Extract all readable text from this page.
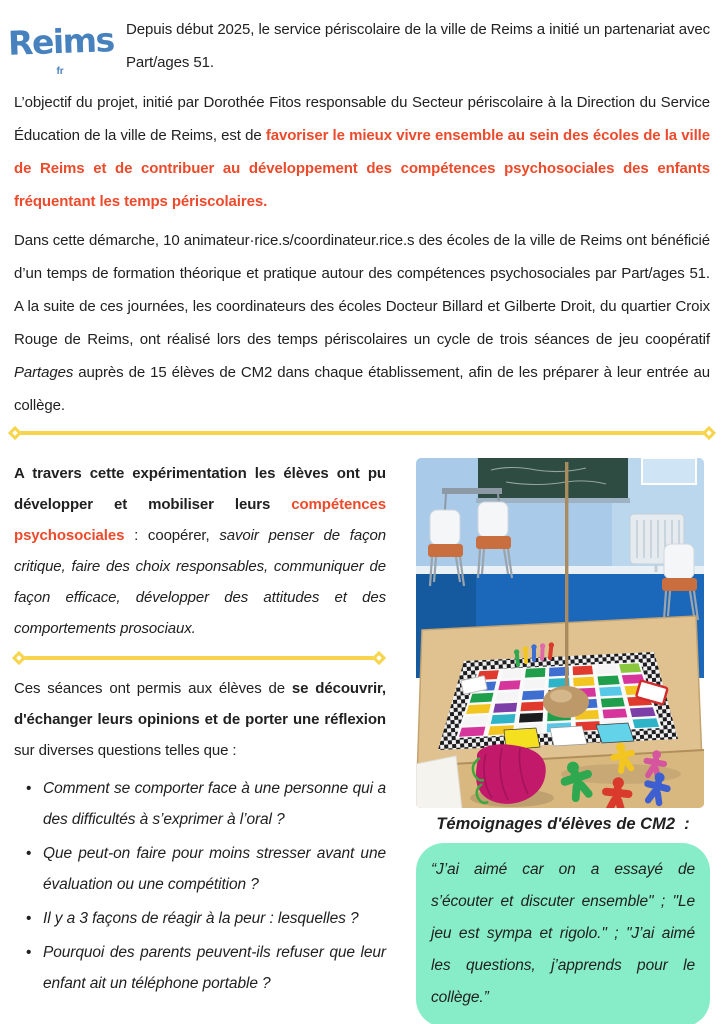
Reimsfr

Depuis début 2025, le service périscolaire de la ville de Reims a initié un partenariat avec Part/ages 51.

L’objectif du projet, initié par Dorothée Fitos responsable du Secteur périscolaire à la Direction du Service Éducation de la ville de Reims, est de favoriser le mieux vivre ensemble au sein des écoles de la ville de Reims et de contribuer au développement des compétences psychosociales des enfants fréquentant les temps périscolaires.

Dans cette démarche, 10 animateur·rice.s/coordinateur.rice.s des écoles de la ville de Reims ont bénéficié d’un temps de formation théorique et pratique autour des compétences psychosociales par Part/ages 51. A la suite de ces journées, les coordinateurs des écoles Docteur Billard et Gilberte Droit, du quartier Croix Rouge de Reims, ont réalisé lors des temps périscolaires un cycle de trois séances de jeu coopératif Partages auprès de 15 élèves de CM2 dans chaque établissement, afin de les préparer à leur entrée au collège.

A travers cette expérimentation les élèves ont pu développer et mobiliser leurs compétences psychosociales : coopérer, savoir penser de façon critique, faire des choix responsables, communiquer de façon efficace, développer des attitudes et des comportements prosociaux.

Ces séances ont permis aux élèves de se découvrir, d'échanger leurs opinions et de porter une réflexion sur diverses questions telles que :

• Comment se comporter face à une personne qui a des difficultés à s’exprimer à l’oral ?
• Que peut-on faire pour moins stresser avant une évaluation ou une compétition ?
• Il y a 3 façons de réagir à la peur : lesquelles ?
• Pourquoi des parents peuvent-ils refuser que leur enfant ait un téléphone portable ?

Témoignages d'élèves de CM2  :

“J’ai aimé car on a essayé de s’écouter et discuter ensemble" ; "Le jeu est sympa et rigolo." ; "J’ai aimé les questions, j’apprends pour le collège.”
